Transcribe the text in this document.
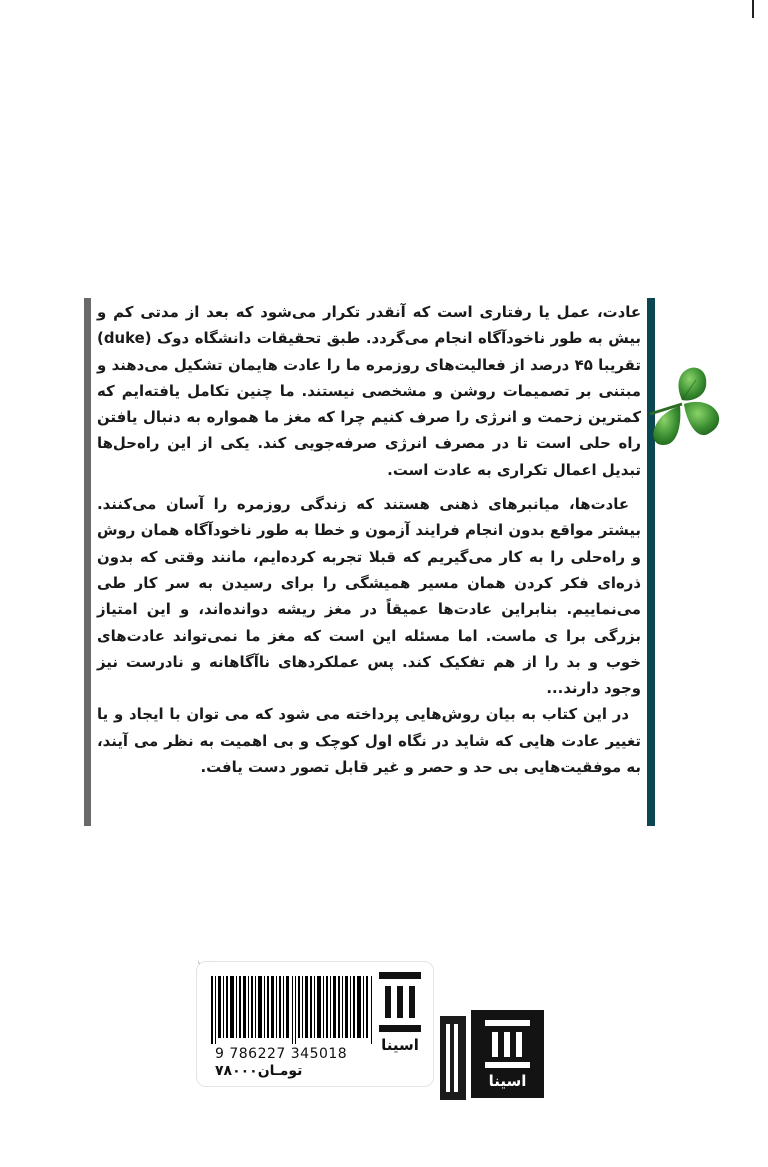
عادت، عمل یا رفتاری است که آنقدر تکرار می‌شود که بعد از مدتی کم و بیش به طور ناخودآگاه انجام می‌گردد. طبق تحقیقات دانشگاه دوک (duke) تقریبا ۴۵ درصد از فعالیت‌های روزمره ما را عادت هایمان تشکیل می‌دهند و مبتنی بر تصمیمات روشن و مشخصی نیستند. ما چنین تکامل یافته‌ایم که کمترین زحمت و انرژی را صرف کنیم چرا که مغز ما همواره به دنبال یافتن راه حلی است تا در مصرف انرژی صرفه‌جویی کند. یکی از این راه‌حل‌ها تبدیل اعمال تکراری به عادت است.

عادت‌ها، میانبرهای ذهنی هستند که زندگی روزمره را آسان می‌کنند. بیشتر مواقع بدون انجام فرایند آزمون و خطا به طور ناخودآگاه همان روش و راه‌حلی را به کار می‌گیریم که قبلا تجربه کرده‌ایم، مانند وقتی که بدون ذره‌ای فکر کردن همان مسیر همیشگی را برای رسیدن به سر کار طی می‌نماییم. بنابراین عادت‌ها عمیقاً در مغز ریشه دوانده‌اند، و این امتیاز بزرگی برا ی ماست. اما مسئله این است که مغز ما نمی‌تواند عادت‌های خوب و بد را از هم تفکیک کند. پس عملکردهای ناآگاهانه و نادرست نیز وجود دارند...

در این کتاب به بیان روش‌هایی پرداخته می شود که می توان با ایجاد و یا تغییر عادت هایی که شاید در نگاه اول کوچک و بی اهمیت به نظر می آیند، به موفقیت‌هایی بی حد و حصر و غیر قابل تصور دست یافت.

9 786227 345018
۷۸۰۰۰تومـان
اسینا
اسینا
